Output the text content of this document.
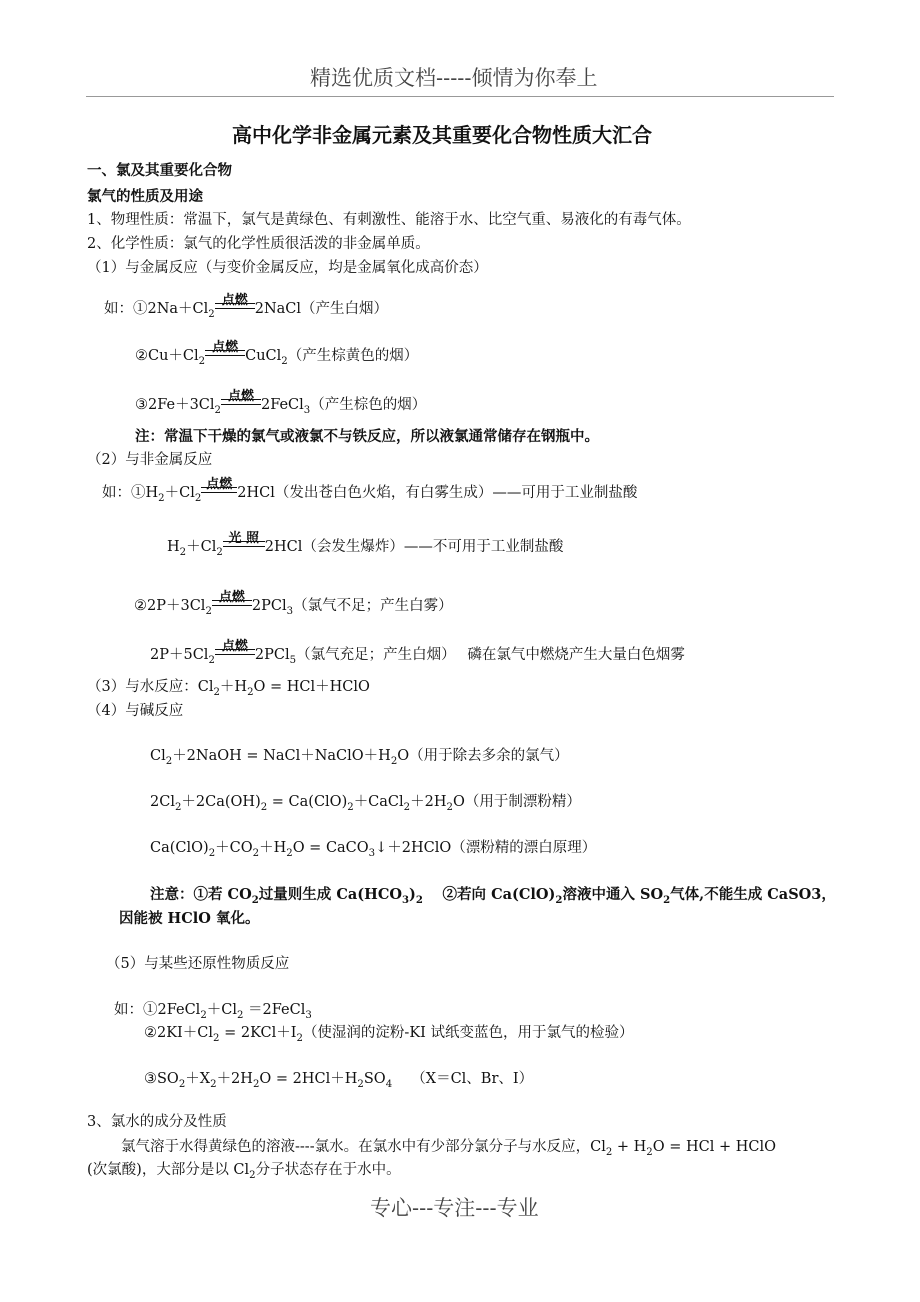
精选优质文档-----倾情为你奉上
高中化学非金属元素及其重要化合物性质大汇合
一、氯及其重要化合物
氯气的性质及用途
1、物理性质：常温下，氯气是黄绿色、有刺激性、能溶于水、比空气重、易液化的有毒气体。
2、化学性质：氯气的化学性质很活泼的非金属单质。
（1）与金属反应（与变价金属反应，均是金属氧化成高价态）
如：$①2Na+Cl_2$
点燃
2NaCl（产生白烟）
$②Cu+Cl_2$
点燃
CuCl$_2$（产生棕黄色的烟）
$③2Fe+3Cl_2$
点燃
2FeCl$_3$（产生棕色的烟）
注：常温下干燥的氯气或液氯不与铁反应，所以液氯通常储存在钢瓶中。
（2）与非金属反应
如：$①H_2+Cl_2$
点燃
2HCl（发出苍白色火焰，有白雾生成）——可用于工业制盐酸
$H_2+Cl_2$
光 照
2HCl（会发生爆炸）——不可用于工业制盐酸
$②2P+3Cl_2$
点燃
2PCl$_3$（氯气不足；产生白雾）
$2P+5Cl_2$
点燃
2PCl$_5$（氯气充足；产生白烟）　 磷在氯气中燃烧产生大量白色烟雾
（3）与水反应：$Cl_2+H_2O$ = HCl＋HClO
（4）与碱反应
$Cl_2+2NaOH$ = $NaCl+NaClO+H_2O$（用于除去多余的氯气）
$2Cl_2+2Ca(OH)_2$ = $Ca(ClO)_2+CaCl_2+2H_2O$（用于制漂粉精）
$Ca(ClO)_2+CO_2+H_2O$ = CaCO$_3$↓＋2HClO（漂粉精的漂白原理）
注意：①若 $CO_2$过量则生成 $Ca(HCO_3)_2$　 ②若向 $Ca(ClO)_2$溶液中通入 $SO_2$气体,不能生成 CaSO3，
因能被 HClO 氧化。
（5）与某些还原性物质反应
如：$①2FeCl_2+Cl_2$ ＝2FeCl$_3$
$②2KI+Cl_2 = 2KCl+I_2$（使湿润的淀粉-KI 试纸变蓝色，用于氯气的检验）
$③SO_2+X_2+2H_2O = 2HCl+H_2SO_4$　 （X＝Cl、Br、I）
3、氯水的成分及性质
氯气溶于水得黄绿色的溶液----氯水。在氯水中有少部分氯分子与水反应，$Cl_2 + H_2O$ = HCl + HClO
(次氯酸)，大部分是以 $Cl_2$分子状态存在于水中。
专心---专注---专业
